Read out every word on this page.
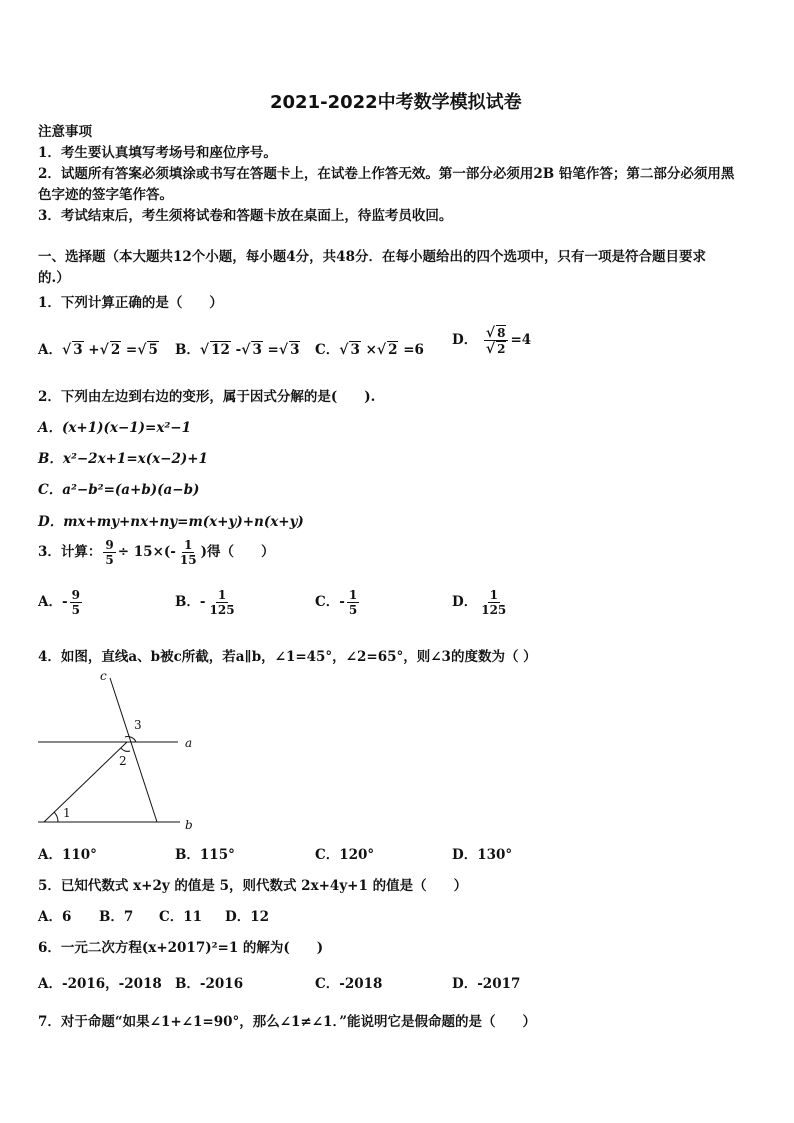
2021-2022中考数学模拟试卷
注意事项
1．考生要认真填写考场号和座位序号。
2．试题所有答案必须填涂或书写在答题卡上，在试卷上作答无效。第一部分必须用2B 铅笔作答；第二部分必须用黑
色字迹的签字笔作答。
3．考试结束后，考生须将试卷和答题卡放在桌面上，待监考员收回。
一、选择题（本大题共12个小题，每小题4分，共48分．在每小题给出的四个选项中，只有一项是符合题目要求
的.）
1．下列计算正确的是（　　）
A．√ 3 +√ 2 =√ 5 B．√ 12 -√ 3 =√ 3 C．√ 3 ×√ 2 =6
D． $\frac{√ 8}{√ 2} =4$
2．下列由左边到右边的变形，属于因式分解的是(　　).
A．(x+1)(x−1)=x²−1
B．x²−2x+1=x(x−2)+1
C．a²−b²=(a+b)(a−b)
D．mx+my+nx+ny=m(x+y)+n(x+y)
3．计算： $\frac{9}{5} \div 15\times(- \frac{1}{15}$ )得（　　）
A．- $\frac{9}{5}$	B．- $\frac{1}{125}$	C．- $\frac{1}{5}$	D． $\frac{1}{125}$
4．如图，直线a、b被c所截，若a∥b，∠1=45°，∠2=65°，则∠3的度数为（ ）
c
a
b
1
2
3
A．110°	B．115°	C．120°	D．130°
5．已知代数式 x+2y 的值是 5，则代数式 2x+4y+1 的值是（　　）
A．6 B．7 C．11 D．12
6．一元二次方程(x+2017)²=1 的解为(　　)
A．-2016，-2018 B．-2016	C．-2018	D．-2017
7．对于命题“如果∠1+∠1=90°，那么∠1≠∠1．”能说明它是假命题的是（　　）
